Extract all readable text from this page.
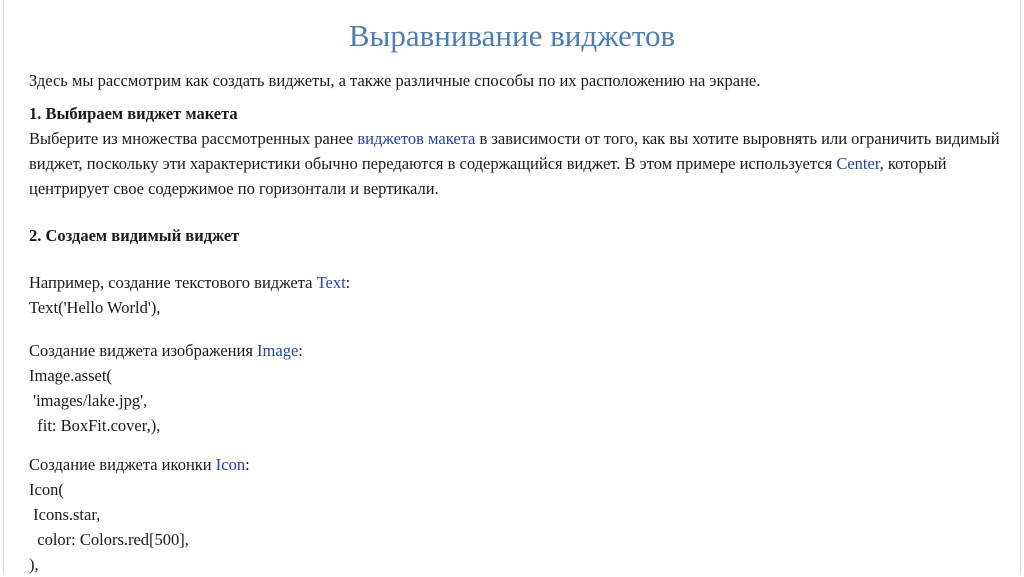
Выравнивание виджетов

Здесь мы рассмотрим как создать виджеты, а также различные способы по их расположению на экране.

1. Выбираем виджет макета

Выберите из множества рассмотренных ранее виджетов макета в зависимости от того, как вы хотите выровнять или ограничить видимый виджет, поскольку эти характеристики обычно передаются в содержащийся виджет. В этом примере используется Center, который центрирует свое содержимое по горизонтали и вертикали.

2. Создаем видимый виджет

Например, создание текстового виджета Text:

Text('Hello World'),

Создание виджета изображения Image:

Image.asset(

'images/lake.jpg',

fit: BoxFit.cover,),

Создание виджета иконки Icon:

Icon(

Icons.star,

color: Colors.red[500],

),
